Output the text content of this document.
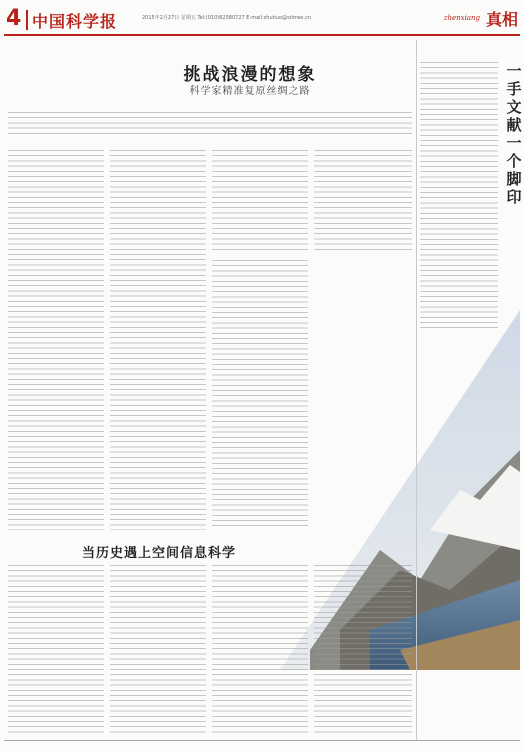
4 中国科学报	2015年2月27日 星期五 Tel:(010)62580727 E-mail:zhuhuo@stimes.cn	zhenxiang 真相
挑战浪漫的想象
科学家精准复原丝绸之路
一手文献一个脚印
当历史遇上空间信息科学
